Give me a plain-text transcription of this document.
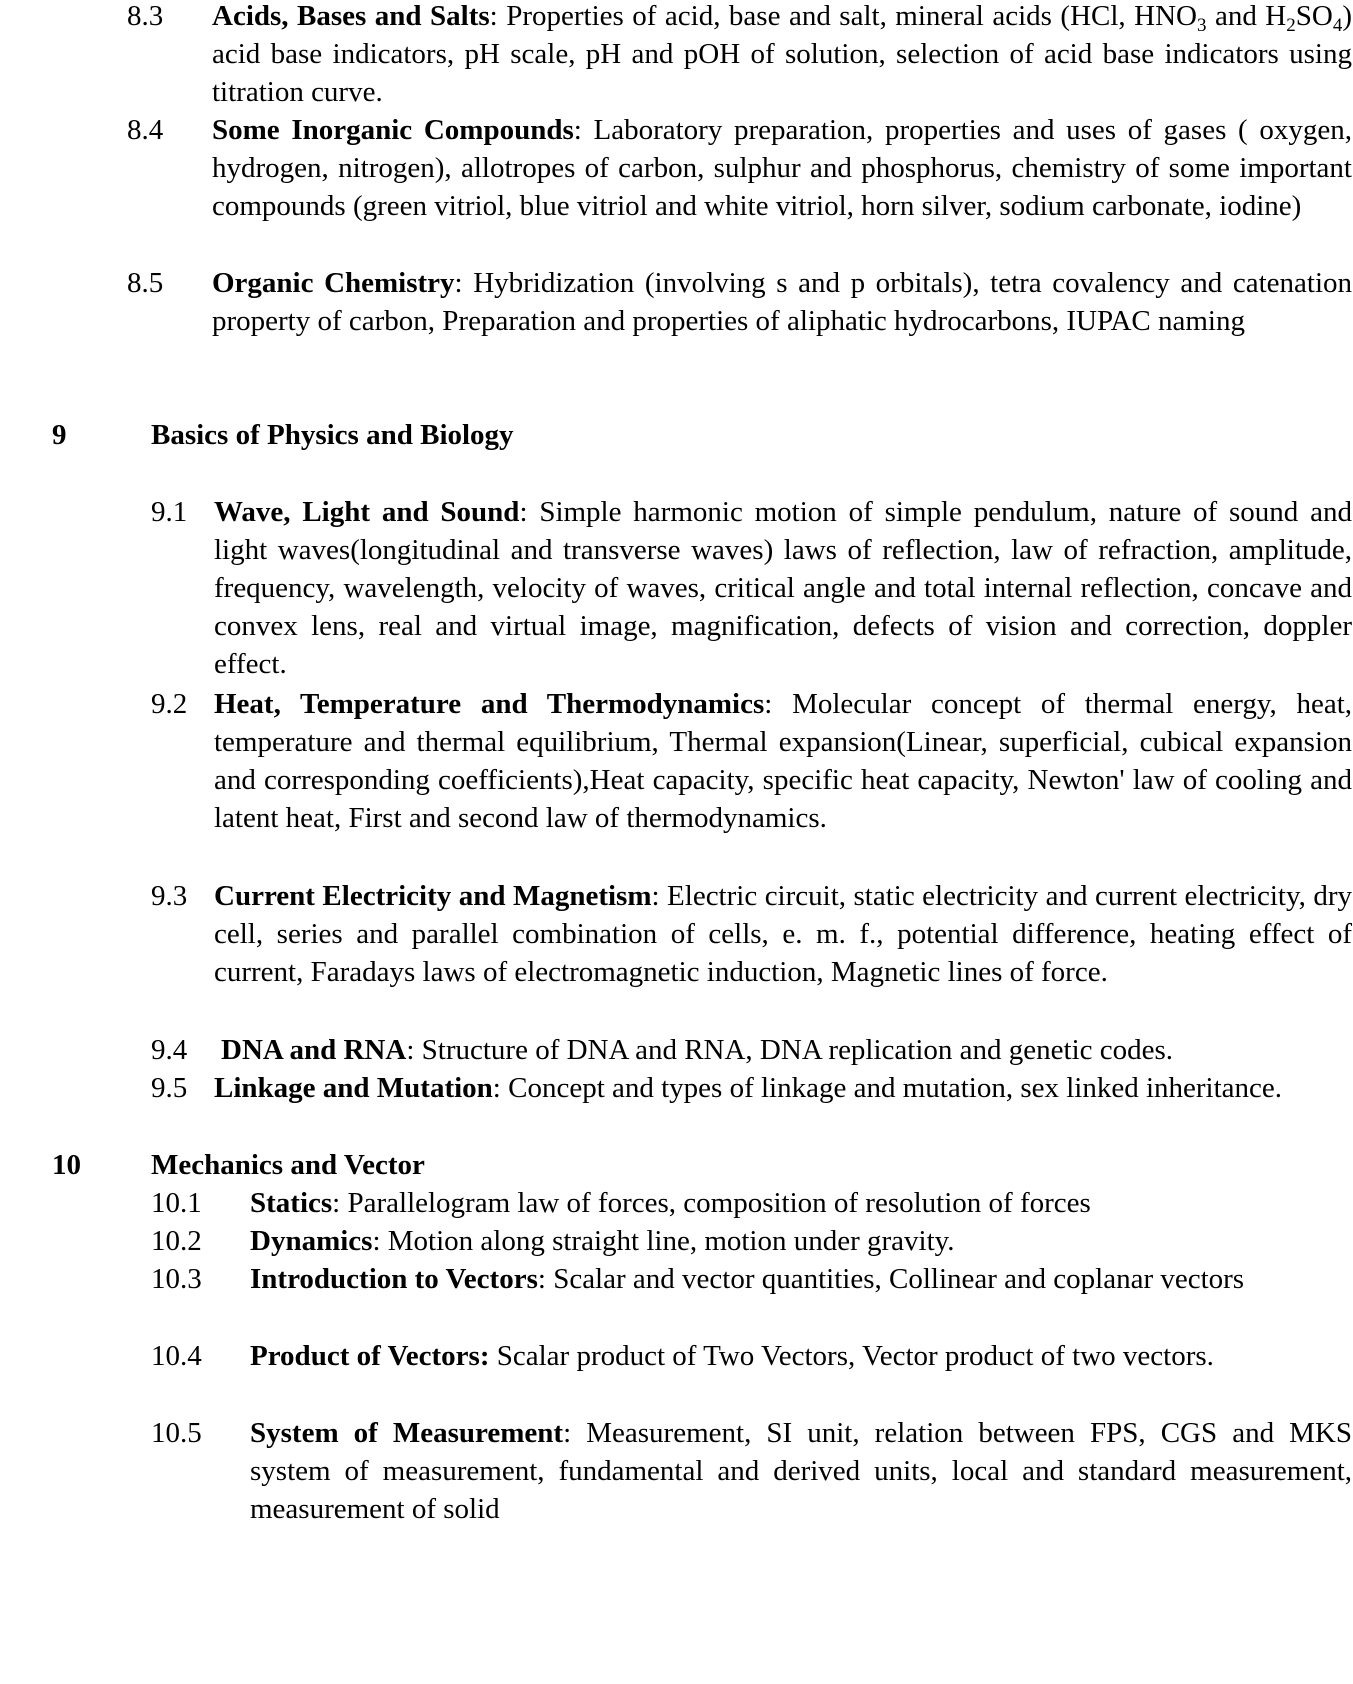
8.3 Acids, Bases and Salts: Properties of acid, base and salt, mineral acids (HCl, $HNO_3$ and $H_2SO_4$) acid base indicators, pH scale, pH and pOH of solution, selection of acid base indicators using titration curve.
8.4 Some Inorganic Compounds: Laboratory preparation, properties and uses of gases ( oxygen, hydrogen, nitrogen), allotropes of carbon, sulphur and phosphorus, chemistry of some important compounds (green vitriol, blue vitriol and white vitriol, horn silver, sodium carbonate, iodine)
8.5 Organic Chemistry: Hybridization (involving s and p orbitals), tetra covalency and catenation property of carbon, Preparation and properties of aliphatic hydrocarbons, IUPAC naming
9	Basics of Physics and Biology
9.1 Wave, Light and Sound: Simple harmonic motion of simple pendulum, nature of sound and light waves(longitudinal and transverse waves) laws of reflection, law of refraction, amplitude, frequency, wavelength, velocity of waves, critical angle and total internal reflection, concave and convex lens, real and virtual image, magnification, defects of vision and correction, doppler effect.
9.2 Heat, Temperature and Thermodynamics: Molecular concept of thermal energy, heat, temperature and thermal equilibrium, Thermal expansion(Linear, superficial, cubical expansion and corresponding coefficients),Heat capacity, specific heat capacity, Newton' law of cooling and latent heat, First and second law of thermodynamics.
9.3 Current Electricity and Magnetism: Electric circuit, static electricity and current electricity, dry cell, series and parallel combination of cells, e. m. f., potential difference, heating effect of current, Faradays laws of electromagnetic induction, Magnetic lines of force.
9.4 DNA and RNA: Structure of DNA and RNA, DNA replication and genetic codes.
9.5 Linkage and Mutation: Concept and types of linkage and mutation, sex linked inheritance.
10 Mechanics and Vector
10.1 Statics: Parallelogram law of forces, composition of resolution of forces
10.2 Dynamics: Motion along straight line, motion under gravity.
10.3 Introduction to Vectors: Scalar and vector quantities, Collinear and coplanar vectors
10.4 Product of Vectors: Scalar product of Two Vectors, Vector product of two vectors.
10.5 System of Measurement: Measurement, SI unit, relation between FPS, CGS and MKS system of measurement, fundamental and derived units, local and standard measurement, measurement of solid
